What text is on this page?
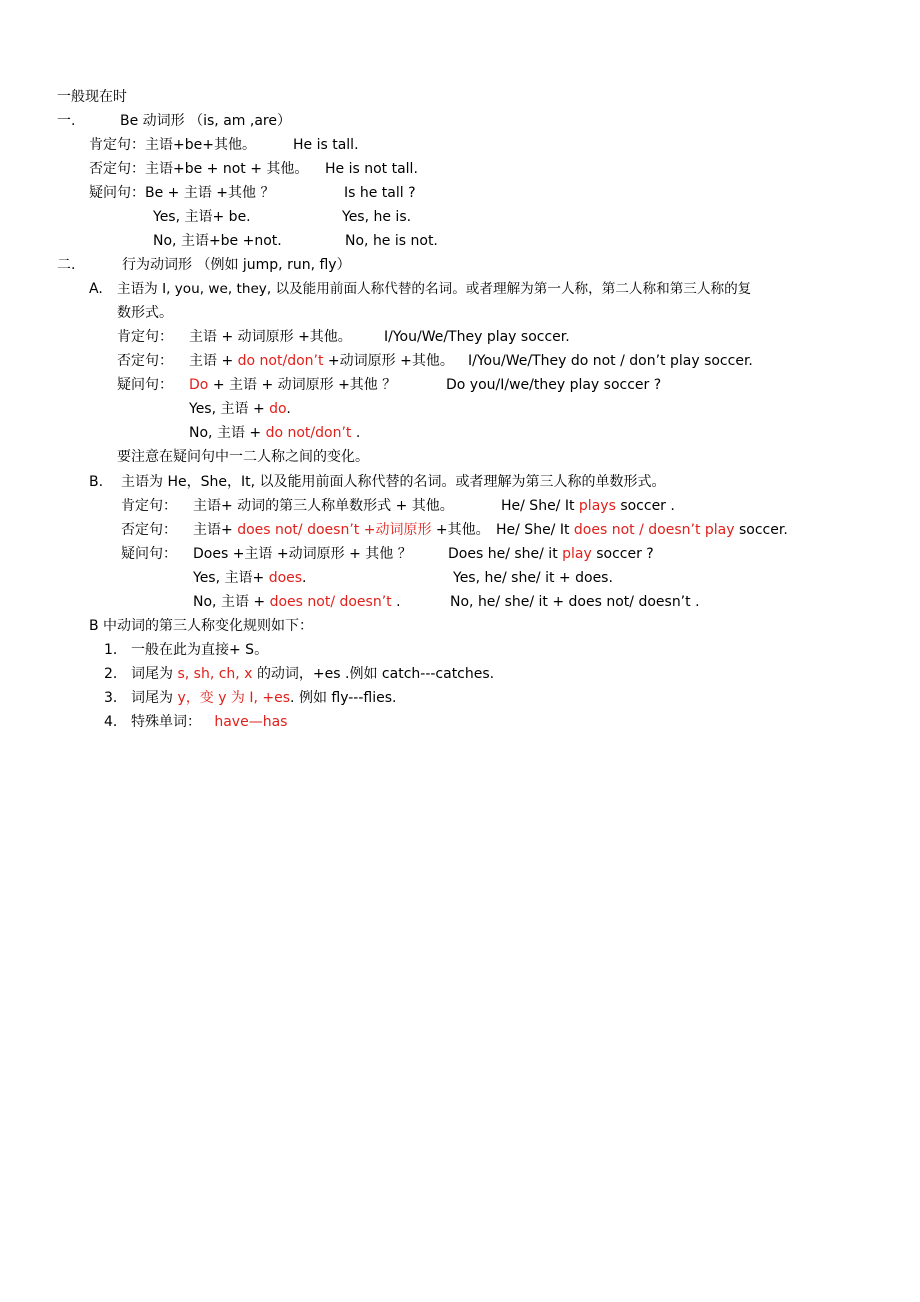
一般现在时
一.	Be 动词形 （is, am ,are）
肯定句：主语+be+其他。	He is tall.
否定句：主语+be + not + 其他。 He is not tall.
疑问句：Be + 主语 +其他 ？	Is he tall ?
Yes, 主语+ be.	Yes, he is.
No, 主语+be +not.	No, he is not.
二.	行为动词形 （例如 jump, run, fly）
A. 主语为 I, you, we, they, 以及能用前面人称代替的名词。或者理解为第一人称，第二人称和第三人称的复
数形式。
肯定句： 主语 + 动词原形 +其他。 I/You/We/They play soccer.
否定句： 主语 + do not/don’t +动词原形 +其他。 I/You/We/They do not / don’t play soccer.
疑问句： Do + 主语 + 动词原形 +其他 ？	Do you/I/we/they play soccer ?
Yes, 主语 + do.
No, 主语 + do not/don’t .
要注意在疑问句中一二人称之间的变化。
B. 主语为 He，She，It, 以及能用前面人称代替的名词。或者理解为第三人称的单数形式。
肯定句： 主语+ 动词的第三人称单数形式 + 其他。	He/ She/ It plays soccer .
否定句： 主语+ does not/ doesn’t +动词原形 +其他。 He/ She/ It does not / doesn’t play soccer.
疑问句： Does +主语 +动词原形 + 其他 ？	Does he/ she/ it play soccer ?
Yes, 主语+ does.	Yes, he/ she/ it + does.
No, 主语 + does not/ doesn’t .	No, he/ she/ it + does not/ doesn’t .
B 中动词的第三人称变化规则如下：
1． 一般在此为直接+ S。
2． 词尾为 s, sh, ch, x 的动词，+es .例如 catch---catches.
3． 词尾为 y，变 y 为 I, +es. 例如 fly---flies.
4． 特殊单词： have—has
